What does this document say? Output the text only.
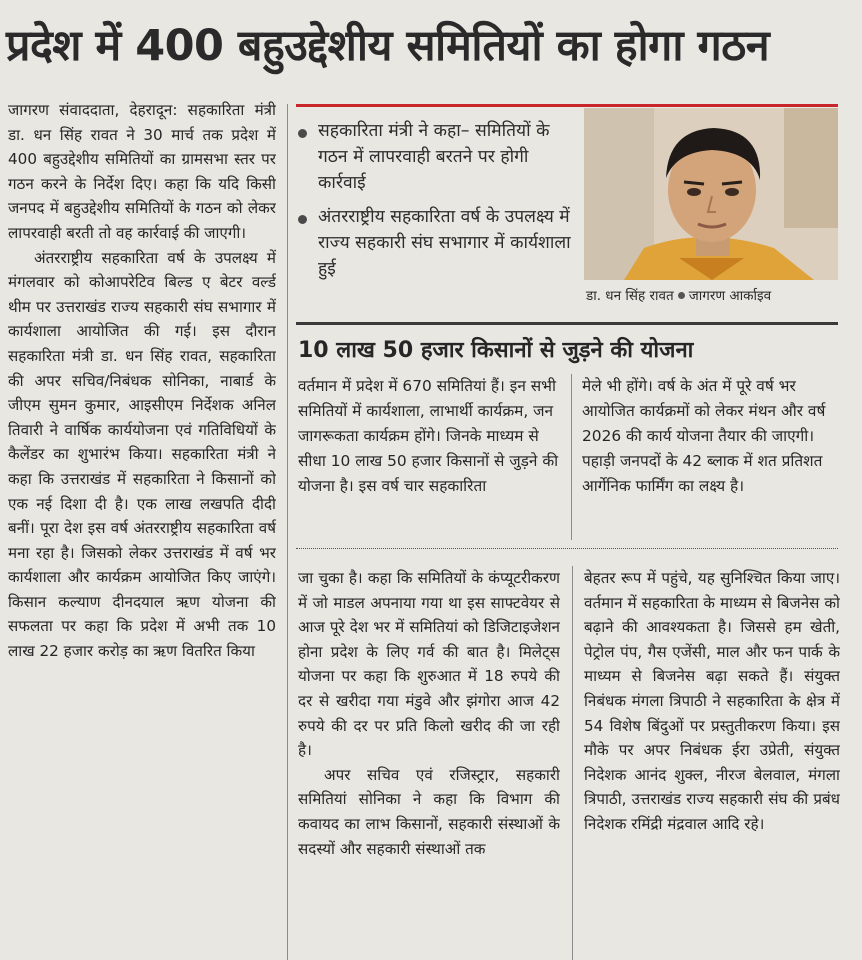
प्रदेश में 400 बहुउद्देशीय समितियों का होगा गठन

जागरण संवाददाता, देहरादून: सहकारिता मंत्री डा. धन सिंह रावत ने 30 मार्च तक प्रदेश में 400 बहुउद्देशीय समितियों का ग्रामसभा स्तर पर गठन करने के निर्देश दिए। कहा कि यदि किसी जनपद में बहुउद्देशीय समितियों के गठन को लेकर लापरवाही बरती तो वह कार्रवाई की जाएगी।

अंतरराष्ट्रीय सहकारिता वर्ष के उपलक्ष्य में मंगलवार को कोआपरेटिव बिल्ड ए बेटर वर्ल्ड थीम पर उत्तराखंड राज्य सहकारी संघ सभागार में कार्यशाला आयोजित की गई। इस दौरान सहकारिता मंत्री डा. धन सिंह रावत, सहकारिता की अपर सचिव/निबंधक सोनिका, नाबार्ड के जीएम सुमन कुमार, आइसीएम निर्देशक अनिल तिवारी ने वार्षिक कार्ययोजना एवं गतिविधियों के कैलेंडर का शुभारंभ किया। सहकारिता मंत्री ने कहा कि उत्तराखंड में सहकारिता ने किसानों को एक नई दिशा दी है। एक लाख लखपति दीदी बनीं। पूरा देश इस वर्ष अंतरराष्ट्रीय सहकारिता वर्ष मना रहा है। जिसको लेकर उत्तराखंड में वर्ष भर कार्यशाला और कार्यक्रम आयोजित किए जाएंगे। किसान कल्याण दीनदयाल ऋण योजना की सफलता पर कहा कि प्रदेश में अभी तक 10 लाख 22 हजार करोड़ का ऋण वितरित किया

सहकारिता मंत्री ने कहा– समितियों के गठन में लापरवाही बरतने पर होगी कार्रवाई
अंतरराष्ट्रीय सहकारिता वर्ष के उपलक्ष्य में राज्य सहकारी संघ सभागार में कार्यशाला हुई
डा. धन सिंह रावत जागरण आर्काइव
10 लाख 50 हजार किसानों से जुड़ने की योजना

वर्तमान में प्रदेश में 670 समितियां हैं। इन सभी समितियों में कार्यशाला, लाभार्थी कार्यक्रम, जन जागरूकता कार्यक्रम होंगे। जिनके माध्यम से सीधा 10 लाख 50 हजार किसानों से जुड़ने की योजना है। इस वर्ष चार सहकारिता

मेले भी होंगे। वर्ष के अंत में पूरे वर्ष भर आयोजित कार्यक्रमों को लेकर मंथन और वर्ष 2026 की कार्य योजना तैयार की जाएगी। पहाड़ी जनपदों के 42 ब्लाक में शत प्रतिशत आर्गेनिक फार्मिंग का लक्ष्य है।

जा चुका है। कहा कि समितियों के कंप्यूटरीकरण में जो माडल अपनाया गया था इस साफ्टवेयर से आज पूरे देश भर में समितियां को डिजिटाइजेशन होना प्रदेश के लिए गर्व की बात है। मिलेट्स योजना पर कहा कि शुरुआत में 18 रुपये की दर से खरीदा गया मंडुवे और झंगोरा आज 42 रुपये की दर पर प्रति किलो खरीद की जा रही है।

अपर सचिव एवं रजिस्ट्रार, सहकारी समितियां सोनिका ने कहा कि विभाग की कवायद का लाभ किसानों, सहकारी संस्थाओं के सदस्यों और सहकारी संस्थाओं तक

बेहतर रूप में पहुंचे, यह सुनिश्चित किया जाए। वर्तमान में सहकारिता के माध्यम से बिजनेस को बढ़ाने की आवश्यकता है। जिससे हम खेती, पेट्रोल पंप, गैस एजेंसी, माल और फन पार्क के माध्यम से बिजनेस बढ़ा सकते हैं। संयुक्त निबंधक मंगला त्रिपाठी ने सहकारिता के क्षेत्र में 54 विशेष बिंदुओं पर प्रस्तुतीकरण किया। इस मौके पर अपर निबंधक ईरा उप्रेती, संयुक्त निदेशक आनंद शुक्ल, नीरज बेलवाल, मंगला त्रिपाठी, उत्तराखंड राज्य सहकारी संघ की प्रबंध निदेशक रमिंद्री मंद्रवाल आदि रहे।
